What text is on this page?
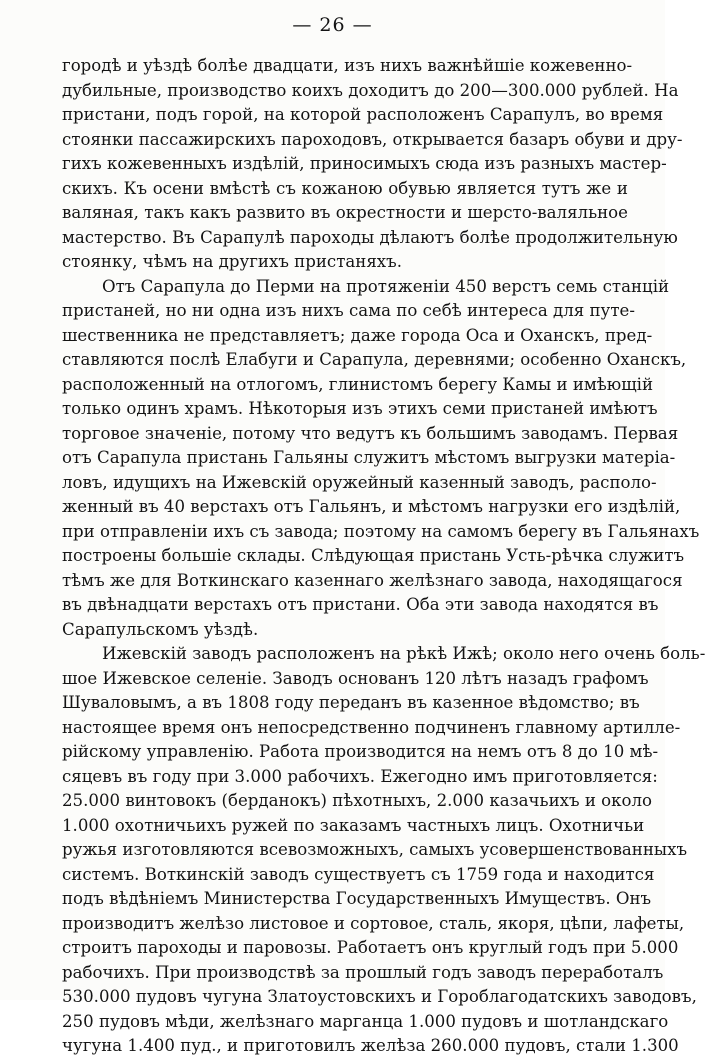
— 26 —
городѣ и уѣздѣ болѣе двадцати, изъ нихъ важнѣйшіе кожевенно-
дубильные, производство коихъ доходитъ до 200—300.000 рублей. На
пристани, подъ горой, на которой расположенъ Сарапулъ, во время
стоянки пассажирскихъ пароходовъ, открывается базаръ обуви и дру-
гихъ кожевенныхъ издѣлій, приносимыхъ сюда изъ разныхъ мастер-
скихъ. Къ осени вмѣстѣ съ кожаною обувью является тутъ же и
валяная, такъ какъ развито въ окрестности и шерсто-валяльное
мастерство. Въ Сарапулѣ пароходы дѣлаютъ болѣе продолжительную
стоянку, чѣмъ на другихъ пристаняхъ.
Отъ Сарапула до Перми на протяженіи 450 верстъ семь станцій
пристаней, но ни одна изъ нихъ сама по себѣ интереса для путе-
шественника не представляетъ; даже города Оса и Оханскъ, пред-
ставляются послѣ Елабуги и Сарапула, деревнями; особенно Оханскъ,
расположенный на отлогомъ, глинистомъ берегу Камы и имѣющій
только одинъ храмъ. Нѣкоторыя изъ этихъ семи пристаней имѣютъ
торговое значеніе, потому что ведутъ къ большимъ заводамъ. Первая
отъ Сарапула пристань Гальяны служитъ мѣстомъ выгрузки матеріа-
ловъ, идущихъ на Ижевскій оружейный казенный заводъ, располо-
женный въ 40 верстахъ отъ Гальянъ, и мѣстомъ нагрузки его издѣлій,
при отправленіи ихъ съ завода; поэтому на самомъ берегу въ Гальянахъ
построены большіе склады. Слѣдующая пристань Усть-рѣчка служитъ
тѣмъ же для Воткинскаго казеннаго желѣзнаго завода, находящагося
въ двѣнадцати верстахъ отъ пристани. Оба эти завода находятся въ
Сарапульскомъ уѣздѣ.
Ижевскій заводъ расположенъ на рѣкѣ Ижѣ; около него очень боль-
шое Ижевское селеніе. Заводъ основанъ 120 лѣтъ назадъ графомъ
Шуваловымъ, а въ 1808 году переданъ въ казенное вѣдомство; въ
настоящее время онъ непосредственно подчиненъ главному артилле-
рійскому управленію. Работа производится на немъ отъ 8 до 10 мѣ-
сяцевъ въ году при 3.000 рабочихъ. Ежегодно имъ приготовляется:
25.000 винтовокъ (берданокъ) пѣхотныхъ, 2.000 казачьихъ и около
1.000 охотничьихъ ружей по заказамъ частныхъ лицъ. Охотничьи
ружья изготовляются всевозможныхъ, самыхъ усовершенствованныхъ
системъ. Воткинскій заводъ существуетъ съ 1759 года и находится
подъ вѣдѣніемъ Министерства Государственныхъ Имуществъ. Онъ
производитъ желѣзо листовое и сортовое, сталь, якоря, цѣпи, лафеты,
строитъ пароходы и паровозы. Работаетъ онъ круглый годъ при 5.000
рабочихъ. При производствѣ за прошлый годъ заводъ переработалъ
530.000 пудовъ чугуна Златоустовскихъ и Гороблагодатскихъ заводовъ,
250 пудовъ мѣди, желѣзнаго марганца 1.000 пудовъ и шотландскаго
чугуна 1.400 пуд., и приготовилъ желѣза 260.000 пудовъ, стали 1.300
